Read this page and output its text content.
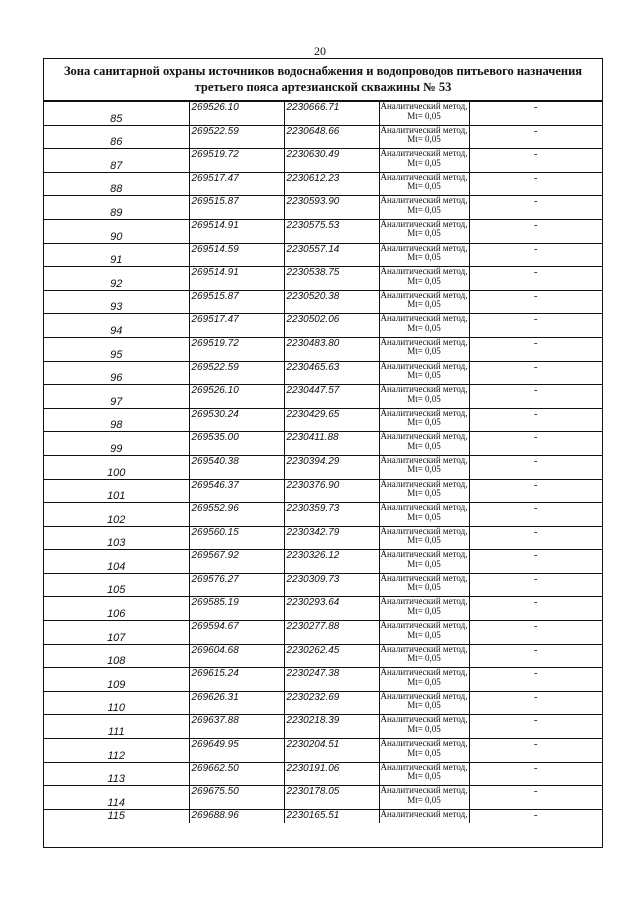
20
Зона санитарной охраны источников водоснабжения и водопроводов питьевого назначения
третьего пояса артезианской скважины № 53
85	269526.10	2230666.71	Аналитический метод,
Mt= 0,05	-
86	269522.59	2230648.66	Аналитический метод,
Mt= 0,05	-
87	269519.72	2230630.49	Аналитический метод,
Mt= 0,05	-
88	269517.47	2230612.23	Аналитический метод,
Mt= 0,05	-
89	269515.87	2230593.90	Аналитический метод,
Mt= 0,05	-
90	269514.91	2230575.53	Аналитический метод,
Mt= 0,05	-
91	269514.59	2230557.14	Аналитический метод,
Mt= 0,05	-
92	269514.91	2230538.75	Аналитический метод,
Mt= 0,05	-
93	269515.87	2230520.38	Аналитический метод,
Mt= 0,05	-
94	269517.47	2230502.06	Аналитический метод,
Mt= 0,05	-
95	269519.72	2230483.80	Аналитический метод,
Mt= 0,05	-
96	269522.59	2230465.63	Аналитический метод,
Mt= 0,05	-
97	269526.10	2230447.57	Аналитический метод,
Mt= 0,05	-
98	269530.24	2230429.65	Аналитический метод,
Mt= 0,05	-
99	269535.00	2230411.88	Аналитический метод,
Mt= 0,05	-
100	269540.38	2230394.29	Аналитический метод,
Mt= 0,05	-
101	269546.37	2230376.90	Аналитический метод,
Mt= 0,05	-
102	269552.96	2230359.73	Аналитический метод,
Mt= 0,05	-
103	269560.15	2230342.79	Аналитический метод,
Mt= 0,05	-
104	269567.92	2230326.12	Аналитический метод,
Mt= 0,05	-
105	269576.27	2230309.73	Аналитический метод,
Mt= 0,05	-
106	269585.19	2230293.64	Аналитический метод,
Mt= 0,05	-
107	269594.67	2230277.88	Аналитический метод,
Mt= 0,05	-
108	269604.68	2230262.45	Аналитический метод,
Mt= 0,05	-
109	269615.24	2230247.38	Аналитический метод,
Mt= 0,05	-
110	269626.31	2230232.69	Аналитический метод,
Mt= 0,05	-
111	269637.88	2230218.39	Аналитический метод,
Mt= 0,05	-
112	269649.95	2230204.51	Аналитический метод,
Mt= 0,05	-
113	269662.50	2230191.06	Аналитический метод,
Mt= 0,05	-
114	269675.50	2230178.05	Аналитический метод,
Mt= 0,05	-
115	269688.96	2230165.51	Аналитический метод,	-
